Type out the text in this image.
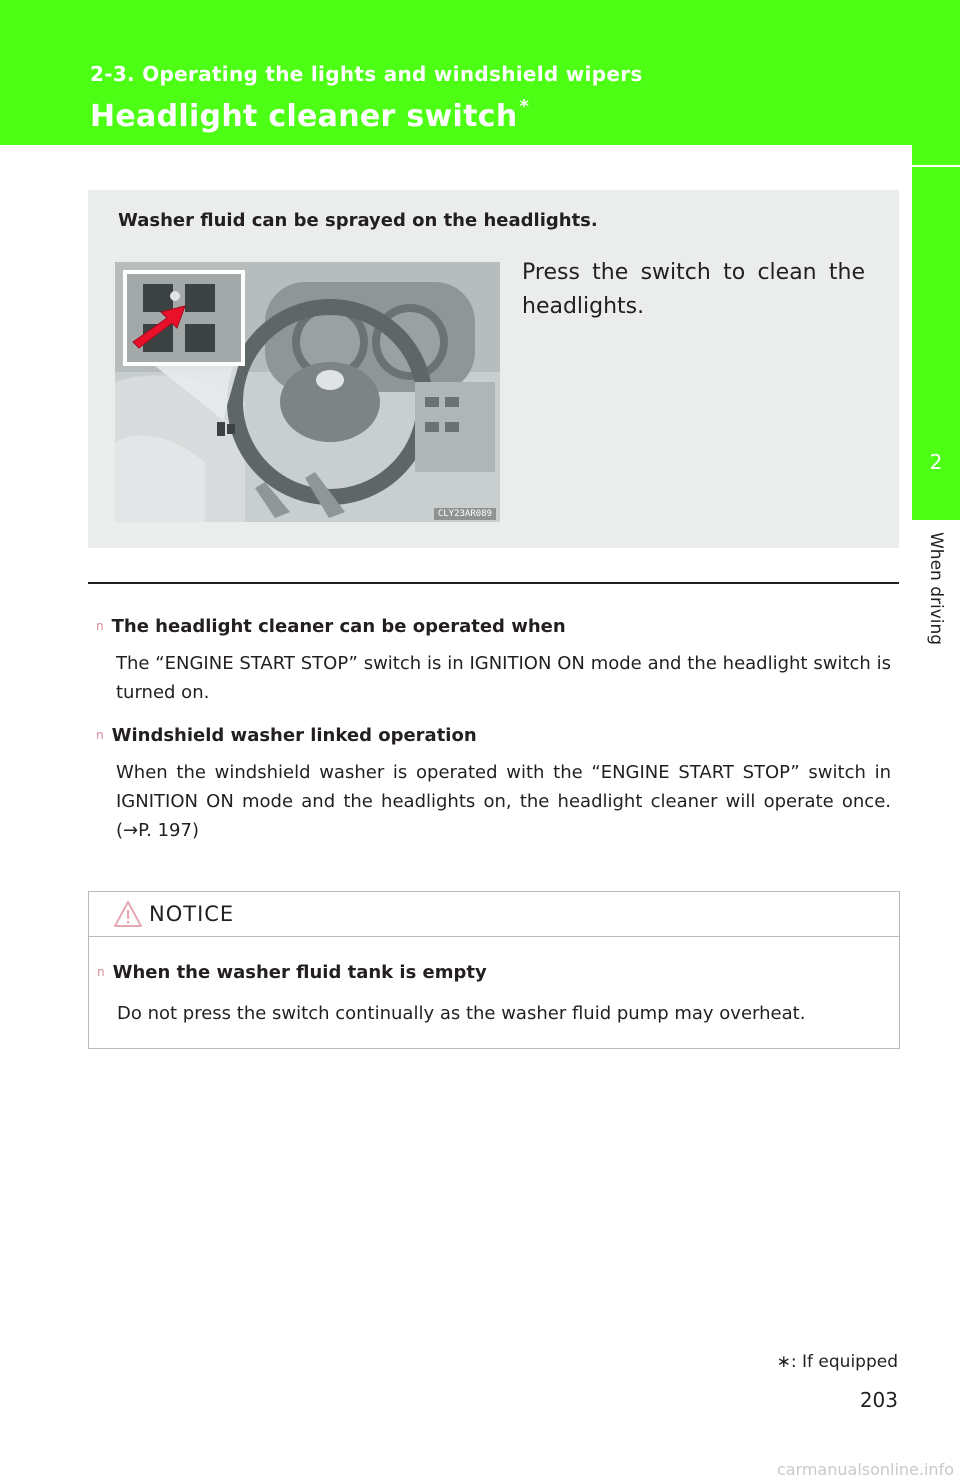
2-3. Operating the lights and windshield wipers
Headlight cleaner switch *
2
When driving
Washer fluid can be sprayed on the headlights.
CLY23AR089
Press the switch to clean the headlights.

n The headlight cleaner can be operated when

The “ENGINE START STOP” switch is in IGNITION ON mode and the headlight switch is turned on.

n Windshield washer linked operation

When the windshield washer is operated with the “ENGINE START STOP” switch in IGNITION ON mode and the headlights on, the headlight cleaner will operate once. (→P. 197)

NOTICE

n When the washer fluid tank is empty

Do not press the switch continually as the washer fluid pump may overheat.

∗: If equipped
203
carmanualsonline.info
